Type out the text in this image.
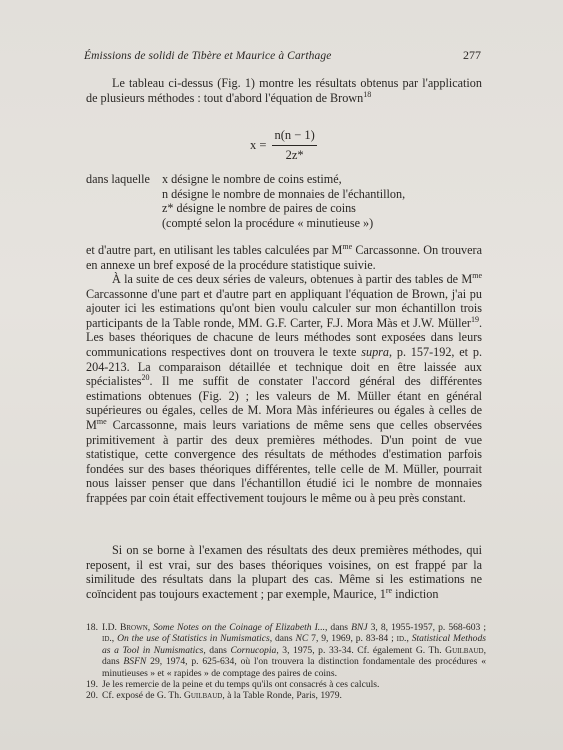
Émissions de solidi de Tibère et Maurice à Carthage	277
Le tableau ci-dessus (Fig. 1) montre les résultats obtenus par l'application de plusieurs méthodes : tout d'abord l'équation de Brown$^{18}$
$x = \frac{n(n - 1)}{2z*}$
dans laquelle x désigne le nombre de coins estimé,
n désigne le nombre de monnaies de l'échantillon,
z* désigne le nombre de paires de coins
(compté selon la procédure « minutieuse »)
et d'autre part, en utilisant les tables calculées par $M^{me}$ Carcassonne. On trouvera en annexe un bref exposé de la procédure statistique suivie.
À la suite de ces deux séries de valeurs, obtenues à partir des tables de $M^{me}$ Carcassonne d'une part et d'autre part en appliquant l'équation de Brown, j'ai pu ajouter ici les estimations qu'ont bien voulu calculer sur mon échantillon trois participants de la Table ronde, MM. G.F. Carter, F.J. Mora Màs et J.W. Müller$^{19}$. Les bases théoriques de chacune de leurs méthodes sont exposées dans leurs communications respectives dont on trouvera le texte supra, p. 157-192, et p. 204-213. La comparaison détaillée et technique doit en être laissée aux spécialistes$^{20}$. Il me suffit de constater l'accord général des différentes estimations obtenues (Fig. 2) ; les valeurs de M. Müller étant en général supérieures ou égales, celles de M. Mora Màs inférieures ou égales à celles de $M^{me}$ Carcassonne, mais leurs variations de même sens que celles observées primitivement à partir des deux premières méthodes. D'un point de vue statistique, cette convergence des résultats de méthodes d'estimation parfois fondées sur des bases théoriques différentes, telle celle de M. Müller, pourrait nous laisser penser que dans l'échantillon étudié ici le nombre de monnaies frappées par coin était effectivement toujours le même ou à peu près constant.
Si on se borne à l'examen des résultats des deux premières méthodes, qui reposent, il est vrai, sur des bases théoriques voisines, on est frappé par la similitude des résultats dans la plupart des cas. Même si les estimations ne coïncident pas toujours exactement ; par exemple, Maurice, 1re indiction
18. I.D. Brown, Some Notes on the Coinage of Elizabeth I..., dans BNJ 3, 8, 1955-1957, p. 568-603 ; id., On the use of Statistics in Numismatics, dans NC 7, 9, 1969, p. 83-84 ; id., Statistical Methods as a Tool in Numismatics, dans Cornucopia, 3, 1975, p. 33-34. Cf. également G. Th. Guilbaud, dans BSFN 29, 1974, p. 625-634, où l'on trouvera la distinction fondamentale des procédures « minutieuses » et « rapides » de comptage des paires de coins.
19. Je les remercie de la peine et du temps qu'ils ont consacrés à ces calculs.
20. Cf. exposé de G. Th. Guilbaud, à la Table Ronde, Paris, 1979.
